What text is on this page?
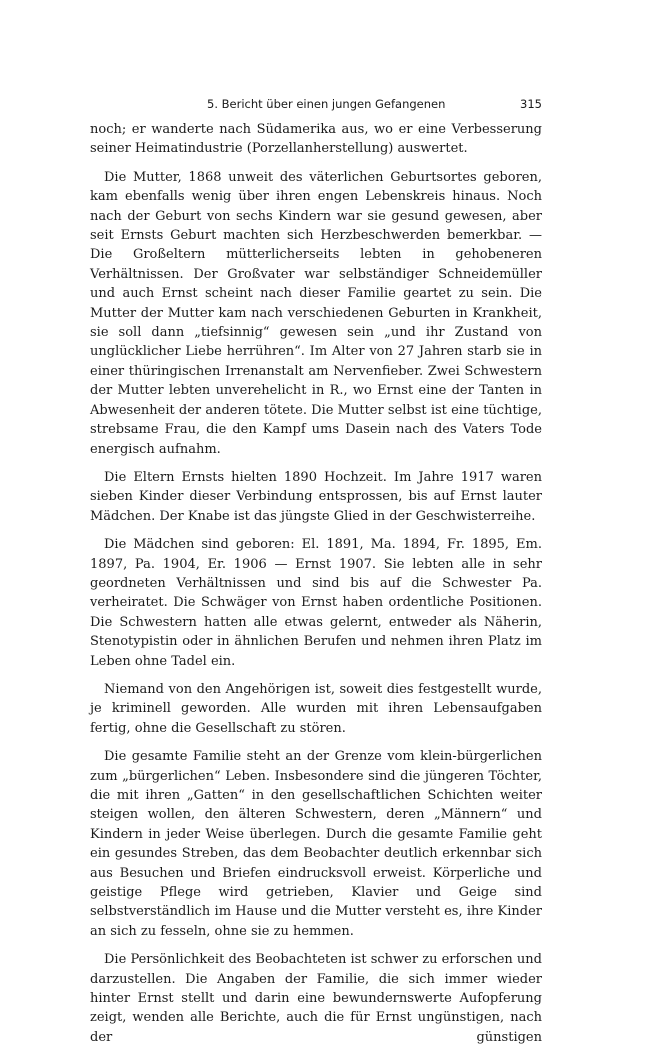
5. Bericht über einen jungen Gefangenen	315

noch; er wanderte nach Südamerika aus, wo er eine Verbesserung seiner Heimatindustrie (Porzellanherstellung) auswertet.

Die Mutter, 1868 unweit des väterlichen Geburtsortes geboren, kam ebenfalls wenig über ihren engen Lebenskreis hinaus. Noch nach der Geburt von sechs Kindern war sie gesund gewesen, aber seit Ernsts Geburt machten sich Herzbeschwerden bemerkbar. — Die Großeltern mütterlicherseits lebten in gehobeneren Verhältnissen. Der Großvater war selbständiger Schneidemüller und auch Ernst scheint nach dieser Familie geartet zu sein. Die Mutter der Mutter kam nach verschiedenen Geburten in Krankheit, sie soll dann „tiefsinnig“ gewesen sein „und ihr Zustand von unglücklicher Liebe herrühren“. Im Alter von 27 Jahren starb sie in einer thüringischen Irrenanstalt am Nervenfieber. Zwei Schwestern der Mutter lebten unverehelicht in R., wo Ernst eine der Tanten in Abwesenheit der anderen tötete. Die Mutter selbst ist eine tüchtige, strebsame Frau, die den Kampf ums Dasein nach des Vaters Tode energisch aufnahm.

Die Eltern Ernsts hielten 1890 Hochzeit. Im Jahre 1917 waren sieben Kinder dieser Verbindung entsprossen, bis auf Ernst lauter Mädchen. Der Knabe ist das jüngste Glied in der Geschwisterreihe.

Die Mädchen sind geboren: El. 1891, Ma. 1894, Fr. 1895, Em. 1897, Pa. 1904, Er. 1906 — Ernst 1907. Sie lebten alle in sehr geordneten Verhältnissen und sind bis auf die Schwester Pa. verheiratet. Die Schwäger von Ernst haben ordentliche Positionen. Die Schwestern hatten alle etwas gelernt, entweder als Näherin, Stenotypistin oder in ähnlichen Berufen und nehmen ihren Platz im Leben ohne Tadel ein.

Niemand von den Angehörigen ist, soweit dies festgestellt wurde, je kriminell geworden. Alle wurden mit ihren Lebensaufgaben fertig, ohne die Gesellschaft zu stören.

Die gesamte Familie steht an der Grenze vom klein-bürgerlichen zum „bürgerlichen“ Leben. Insbesondere sind die jüngeren Töchter, die mit ihren „Gatten“ in den gesellschaftlichen Schichten weiter steigen wollen, den älteren Schwestern, deren „Männern“ und Kindern in jeder Weise überlegen. Durch die gesamte Familie geht ein gesundes Streben, das dem Beobachter deutlich erkennbar sich aus Besuchen und Briefen eindrucksvoll erweist. Körperliche und geistige Pflege wird getrieben, Klavier und Geige sind selbstverständlich im Hause und die Mutter versteht es, ihre Kinder an sich zu fesseln, ohne sie zu hemmen.

Die Persönlichkeit des Beobachteten ist schwer zu erforschen und darzustellen. Die Angaben der Familie, die sich immer wieder hinter Ernst stellt und darin eine bewundernswerte Aufopferung zeigt, wenden alle Berichte, auch die für Ernst ungünstigen, nach der günstigen
